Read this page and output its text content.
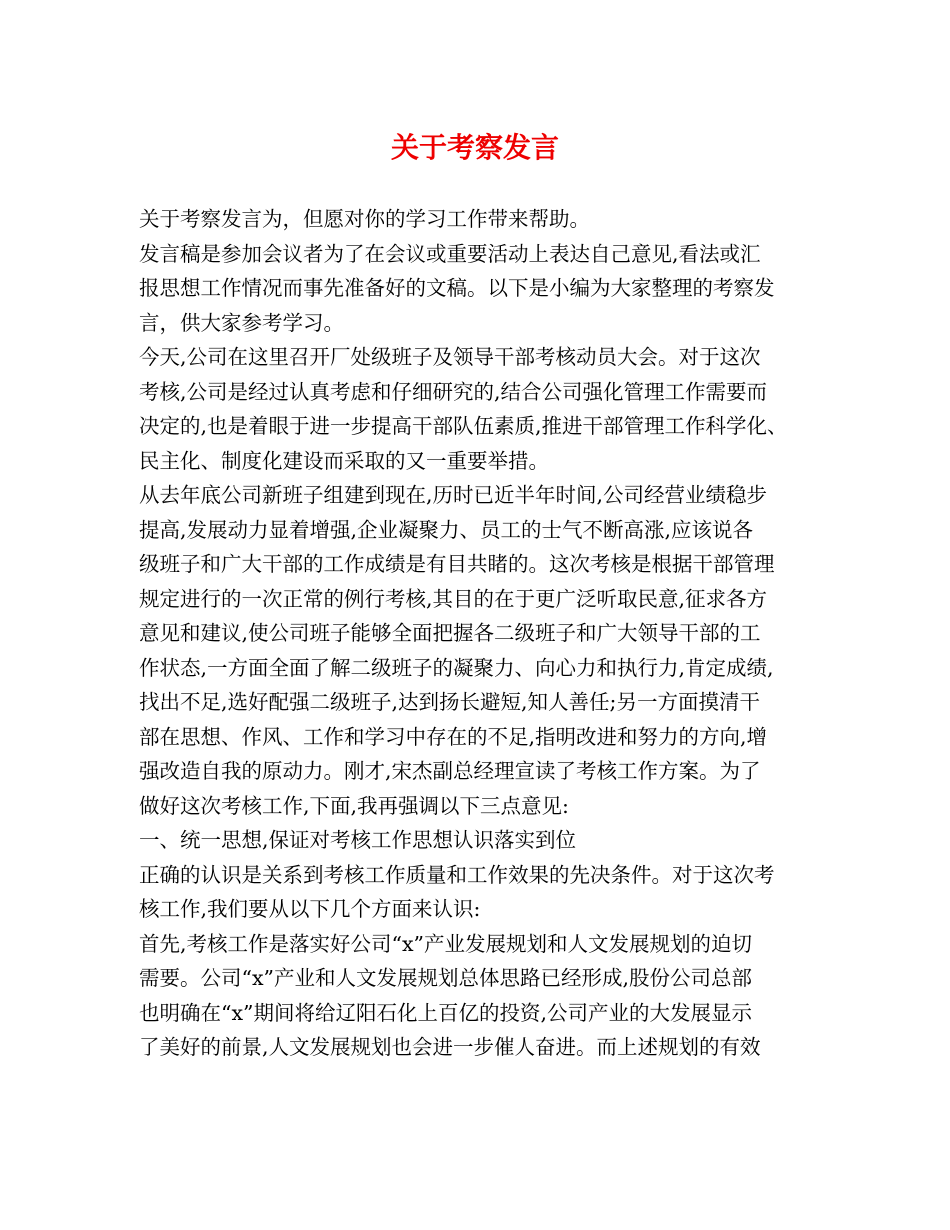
关于考察发言

关于考察发言为，但愿对你的学习工作带来帮助。

发言稿是参加会议者为了在会议或重要活动上表达自己意见,看法或汇

报思想工作情况而事先准备好的文稿。以下是小编为大家整理的考察发

言，供大家参考学习。

今天,公司在这里召开厂处级班子及领导干部考核动员大会。对于这次

考核,公司是经过认真考虑和仔细研究的,结合公司强化管理工作需要而

决定的,也是着眼于进一步提高干部队伍素质,推进干部管理工作科学化、

民主化、制度化建设而采取的又一重要举措。

从去年底公司新班子组建到现在,历时已近半年时间,公司经营业绩稳步

提高,发展动力显着增强,企业凝聚力、员工的士气不断高涨,应该说各

级班子和广大干部的工作成绩是有目共睹的。这次考核是根据干部管理

规定进行的一次正常的例行考核,其目的在于更广泛听取民意,征求各方

意见和建议,使公司班子能够全面把握各二级班子和广大领导干部的工

作状态,一方面全面了解二级班子的凝聚力、向心力和执行力,肯定成绩,

找出不足,选好配强二级班子,达到扬长避短,知人善任;另一方面摸清干

部在思想、作风、工作和学习中存在的不足,指明改进和努力的方向,增

强改造自我的原动力。刚才,宋杰副总经理宣读了考核工作方案。为了

做好这次考核工作,下面,我再强调以下三点意见:

一、统一思想,保证对考核工作思想认识落实到位

正确的认识是关系到考核工作质量和工作效果的先决条件。对于这次考

核工作,我们要从以下几个方面来认识:

首先,考核工作是落实好公司“x”产业发展规划和人文发展规划的迫切

需要。公司“x”产业和人文发展规划总体思路已经形成,股份公司总部

也明确在“x”期间将给辽阳石化上百亿的投资,公司产业的大发展显示

了美好的前景,人文发展规划也会进一步催人奋进。而上述规划的有效
